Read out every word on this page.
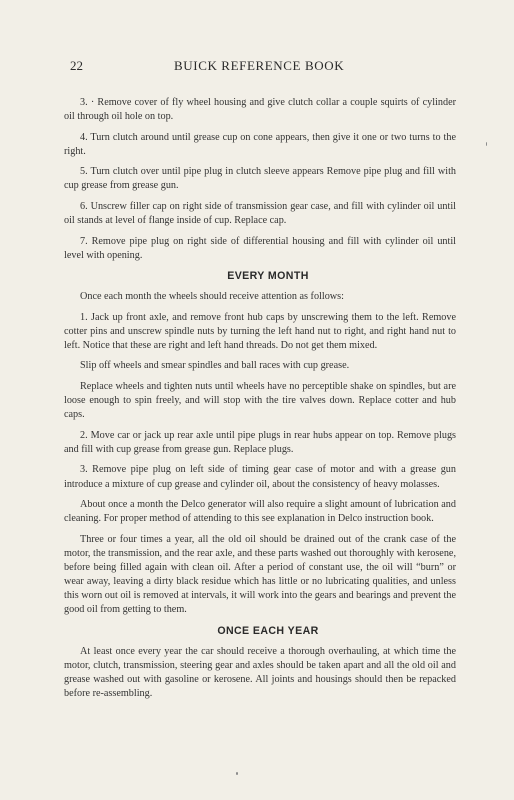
22	BUICK REFERENCE BOOK

3. · Remove cover of fly wheel housing and give clutch collar a couple squirts of cylinder oil through oil hole on top.

4. Turn clutch around until grease cup on cone appears, then give it one or two turns to the right.

5. Turn clutch over until pipe plug in clutch sleeve appears Remove pipe plug and fill with cup grease from grease gun.

6. Unscrew filler cap on right side of transmission gear case, and fill with cylinder oil until oil stands at level of flange inside of cup. Replace cap.

7. Remove pipe plug on right side of differential housing and fill with cylinder oil until level with opening.

EVERY MONTH

Once each month the wheels should receive attention as follows:

1. Jack up front axle, and remove front hub caps by unscrewing them to the left. Remove cotter pins and unscrew spindle nuts by turning the left hand nut to right, and right hand nut to left. Notice that these are right and left hand threads. Do not get them mixed.

Slip off wheels and smear spindles and ball races with cup grease.

Replace wheels and tighten nuts until wheels have no perceptible shake on spindles, but are loose enough to spin freely, and will stop with the tire valves down. Replace cotter and hub caps.

2. Move car or jack up rear axle until pipe plugs in rear hubs appear on top. Remove plugs and fill with cup grease from grease gun. Replace plugs.

3. Remove pipe plug on left side of timing gear case of motor and with a grease gun introduce a mixture of cup grease and cylinder oil, about the consistency of heavy molasses.

About once a month the Delco generator will also require a slight amount of lubrication and cleaning. For proper method of attending to this see explanation in Delco instruction book.

Three or four times a year, all the old oil should be drained out of the crank case of the motor, the transmission, and the rear axle, and these parts washed out thoroughly with kerosene, before being filled again with clean oil. After a period of constant use, the oil will “burn” or wear away, leaving a dirty black residue which has little or no lubricating qualities, and unless this worn out oil is removed at intervals, it will work into the gears and bearings and prevent the good oil from getting to them.

ONCE EACH YEAR

At least once every year the car should receive a thorough overhauling, at which time the motor, clutch, transmission, steering gear and axles should be taken apart and all the old oil and grease washed out with gasoline or kerosene. All joints and housings should then be repacked before re-assembling.
